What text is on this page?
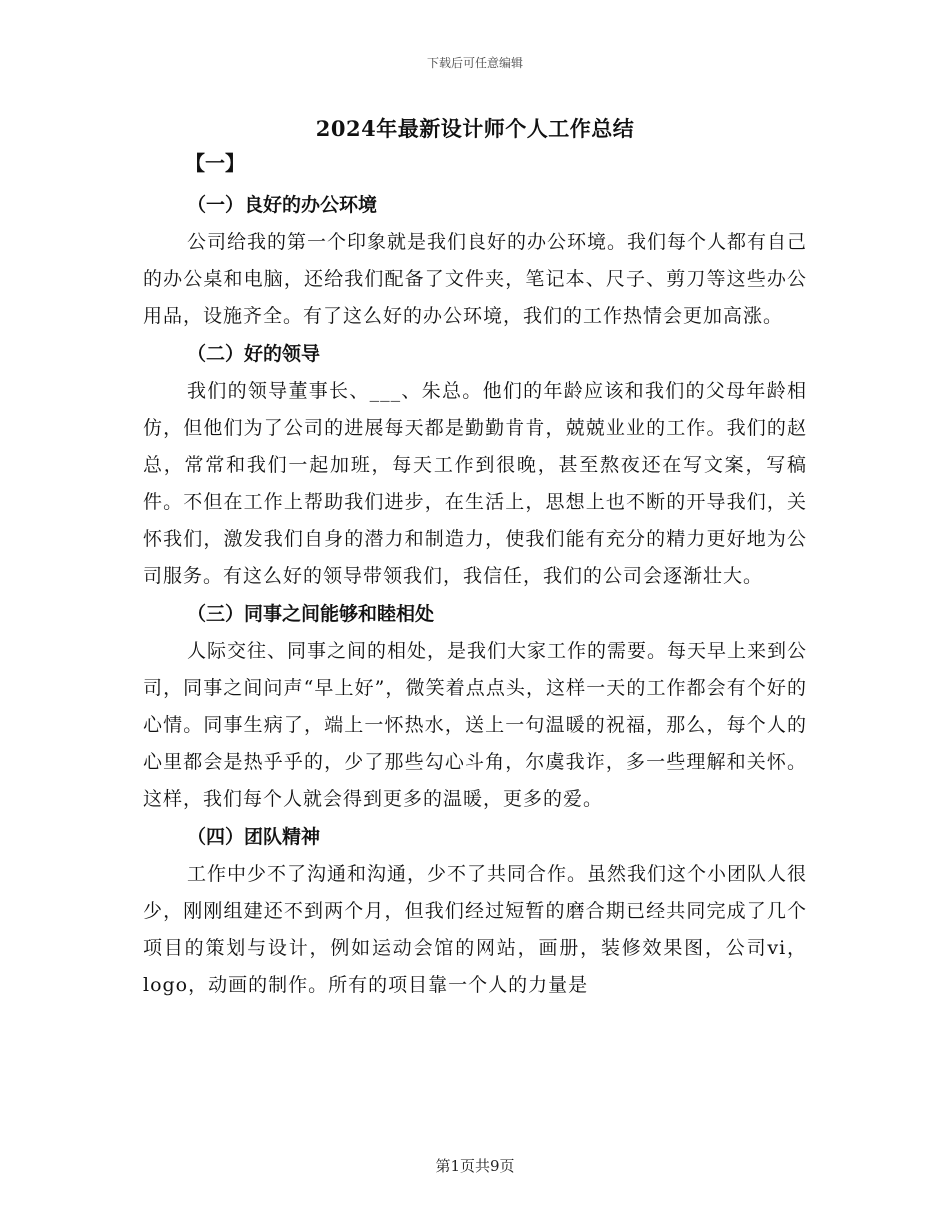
下载后可任意编辑
2024年最新设计师个人工作总结
【一】
（一）良好的办公环境

公司给我的第一个印象就是我们良好的办公环境。我们每个人都有自己的办公桌和电脑，还给我们配备了文件夹，笔记本、尺子、剪刀等这些办公用品，设施齐全。有了这么好的办公环境，我们的工作热情会更加高涨。

（二）好的领导

我们的领导董事长、___、朱总。他们的年龄应该和我们的父母年龄相仿，但他们为了公司的进展每天都是勤勤肯肯，兢兢业业的工作。我们的赵总，常常和我们一起加班，每天工作到很晚，甚至熬夜还在写文案，写稿件。不但在工作上帮助我们进步，在生活上，思想上也不断的开导我们，关怀我们，激发我们自身的潜力和制造力，使我们能有充分的精力更好地为公司服务。有这么好的领导带领我们，我信任，我们的公司会逐渐壮大。

（三）同事之间能够和睦相处

人际交往、同事之间的相处，是我们大家工作的需要。每天早上来到公司，同事之间问声“早上好”，微笑着点点头，这样一天的工作都会有个好的心情。同事生病了，端上一怀热水，送上一句温暖的祝福，那么，每个人的心里都会是热乎乎的，少了那些勾心斗角，尔虞我诈，多一些理解和关怀。这样，我们每个人就会得到更多的温暖，更多的爱。

（四）团队精神

工作中少不了沟通和沟通，少不了共同合作。虽然我们这个小团队人很少，刚刚组建还不到两个月，但我们经过短暂的磨合期已经共同完成了几个项目的策划与设计，例如运动会馆的网站，画册，装修效果图，公司vi，logo，动画的制作。所有的项目靠一个人的力量是

第1页共9页
